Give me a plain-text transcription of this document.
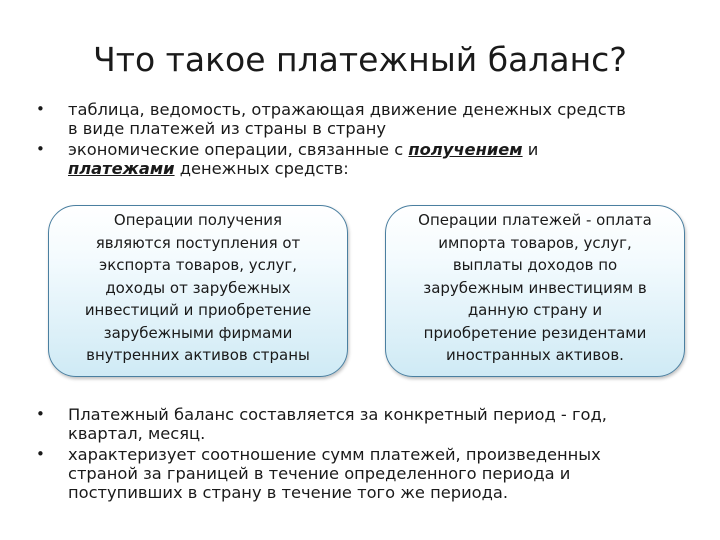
Что такое платежный баланс?
• таблица, ведомость, отражающая движение денежных средств
в виде платежей из страны в страну
• экономические операции, связанные с получением и
платежами денежных средств:
Операции получения
являются поступления от
экспорта товаров, услуг,
доходы от зарубежных
инвестиций и приобретение
зарубежными фирмами
внутренних активов страны
Операции платежей - оплата
импорта товаров, услуг,
выплаты доходов по
зарубежным инвестициям в
данную страну и
приобретение резидентами
иностранных активов.
• Платежный баланс составляется за конкретный период - год,
квартал, месяц.
• характеризует соотношение сумм платежей, произведенных
страной за границей в течение определенного периода и
поступивших в страну в течение того же периода.
